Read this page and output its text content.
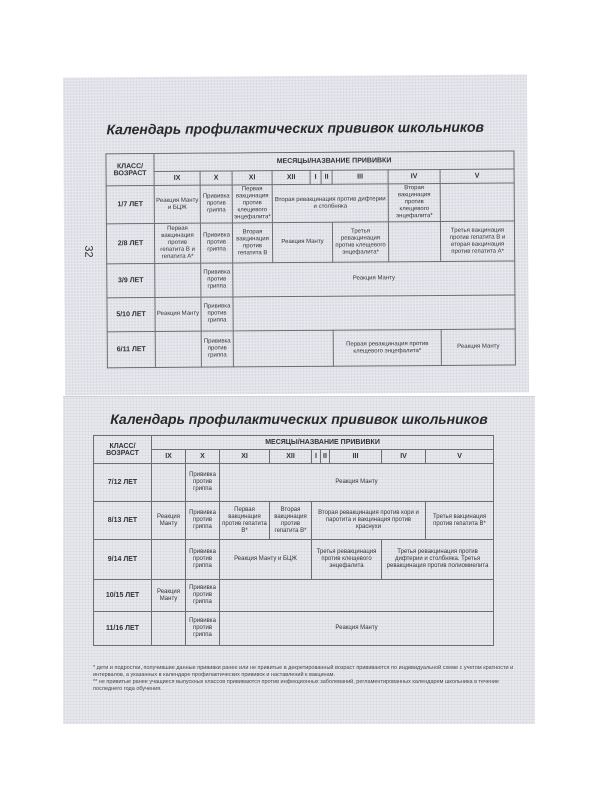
Календарь профилактических прививок школьников
32
КЛАСС/ ВОЗРАСТ	МЕСЯЦЫ/НАЗВАНИЕ ПРИВИВКИ								
	IX	X	XI	XII	I	II	III	IV	V
1/7 ЛЕТ	Реакция Манту и БЦЖ	Прививка против гриппа	Первая вакцинация против клещевого энцефалита*	Вторая ревакцинация против дифтерии и столбняка				Вторая вакцинация против клещевого энцефалита*	
2/8 ЛЕТ	Первая вакцинация против гепатита В и гепатита А*	Прививка против гриппа	Вторая вакцинация против гепатита В	Реакция Манту			Третья ревакцинация против клещевого энцефалита*		Третья вакцинация против гепатита В и вторая вакцинация против гепатита А*
3/9 ЛЕТ		Прививка против гриппа	Реакция Манту						
5/10 ЛЕТ	Реакция Манту	Прививка против гриппа							
6/11 ЛЕТ		Прививка против гриппа					Первая ревакцинация против клещевого энцефалита*		Реакция Манту
Календарь профилактических прививок школьников
КЛАСС/ ВОЗРАСТ	МЕСЯЦЫ/НАЗВАНИЕ ПРИВИВКИ								
	IX	X	XI	XII	I	II	III	IV	V
7/12 ЛЕТ		Прививка против гриппа	Реакция Манту						
8/13 ЛЕТ	Реакция Манту	Прививка против гриппа	Первая вакцинация против гепатита В*	Вторая вакцинация против гепатита В*	Вторая ревакцинация против кори и паротита и вакцинация против краснухи				Третья вакцинация против гепатита В*
9/14 ЛЕТ		Прививка против гриппа	Реакция Манту и БЦЖ		Третья ревакцинация против клещевого энцефалита			Третья ревакцинация против дифтерии и столбняка. Третья ревакцинация против полиомиелита	
10/15 ЛЕТ	Реакция Манту	Прививка против гриппа							
11/16 ЛЕТ		Прививка против гриппа	Реакция Манту						
* дети и подростки, получившие данные прививки ранее или не привитые в декретированный возраст прививаются по индивидуальной схеме с учетом кратности и интервалов, а указанных в календаре профилактических прививок и наставлений к вакцинам.
** не привитые ранее учащиеся выпускных классов прививаются против инфекционных заболеваний, регламентированных календарем школьника в течение последнего года обучения.
